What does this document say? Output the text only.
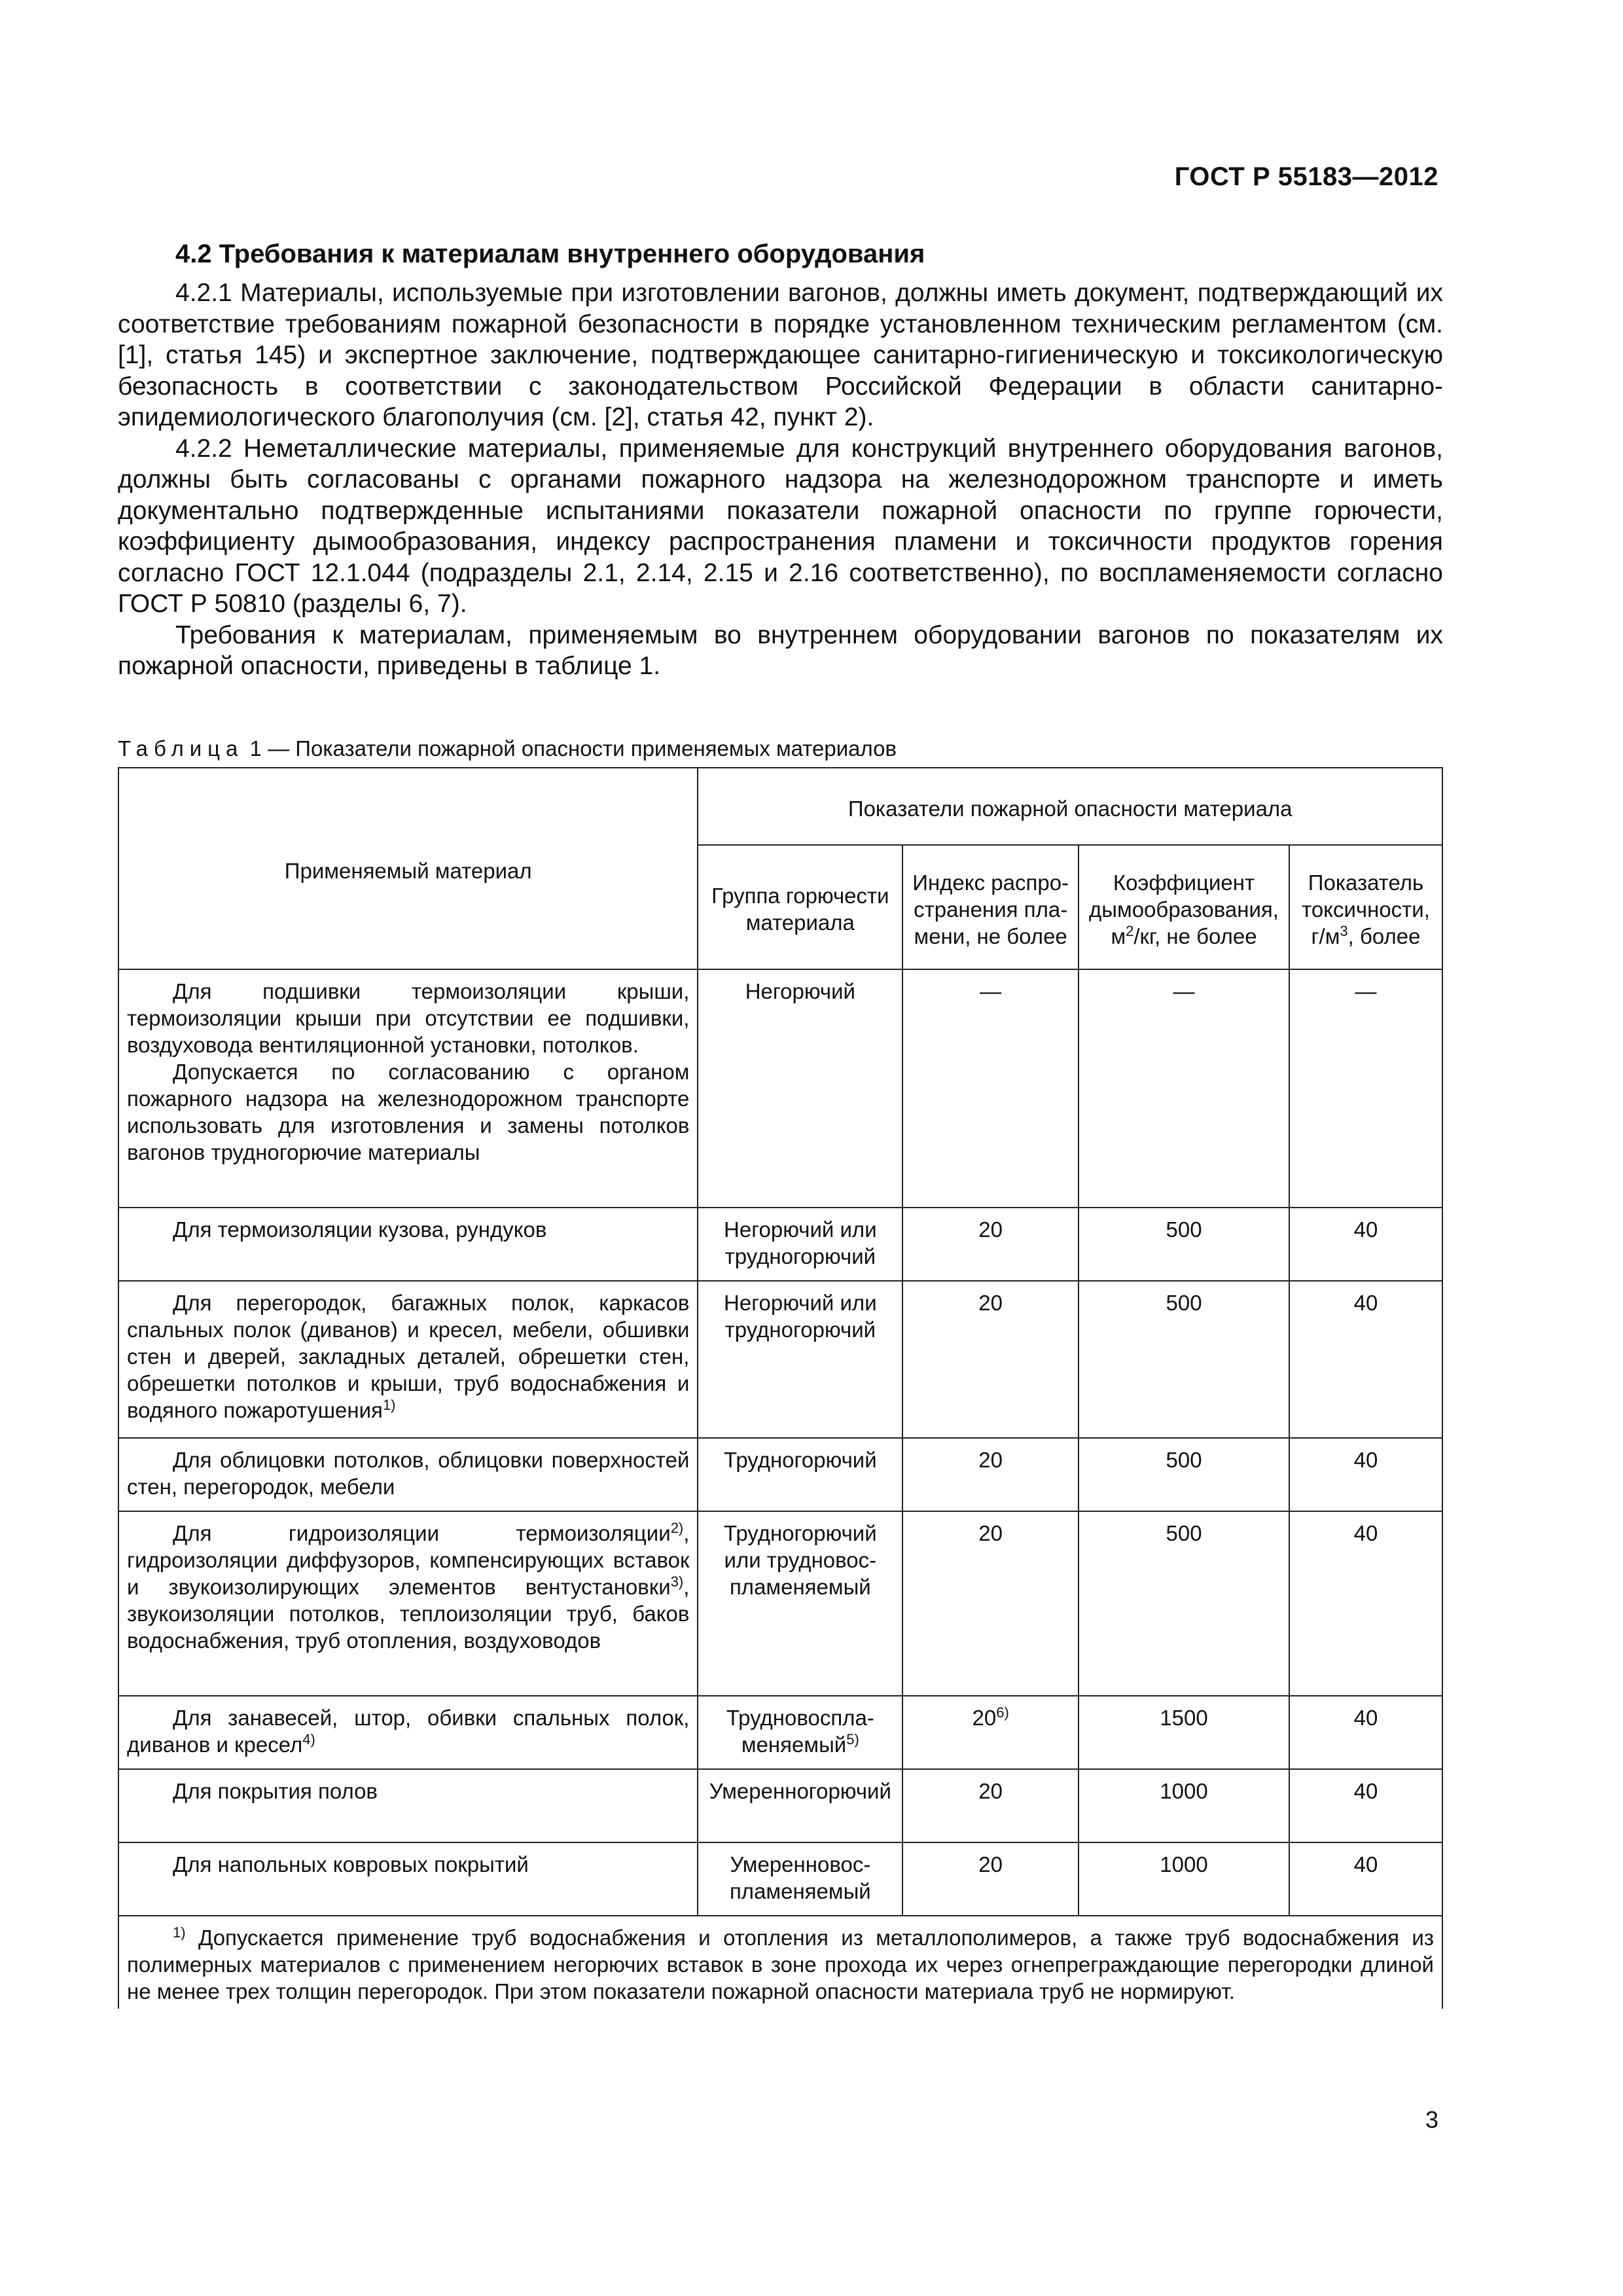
ГОСТ Р 55183—2012
4.2 Требования к материалам внутреннего оборудования

4.2.1 Материалы, используемые при изготовлении вагонов, должны иметь документ, подтверждающий их соответствие требованиям пожарной безопасности в порядке установленном техническим регламентом (см. [1], статья 145) и экспертное заключение, подтверждающее санитарно-гигиеническую и токсикологическую безопасность в соответствии с законодательством Российской Федерации в области санитарно-эпидемиологического благополучия (см. [2], статья 42, пункт 2).

4.2.2 Неметаллические материалы, применяемые для конструкций внутреннего оборудования вагонов, должны быть согласованы с органами пожарного надзора на железнодорожном транспорте и иметь документально подтвержденные испытаниями показатели пожарной опасности по группе горючести, коэффициенту дымообразования, индексу распространения пламени и токсичности продуктов горения согласно ГОСТ 12.1.044 (подразделы 2.1, 2.14, 2.15 и 2.16 соответственно), по воспламеняемости согласно ГОСТ Р 50810 (разделы 6, 7).

Требования к материалам, применяемым во внутреннем оборудовании вагонов по показателям их пожарной опасности, приведены в таблице 1.

Таблица 1 — Показатели пожарной опасности применяемых материалов
Применяемый материал	Показатели пожарной опасности материала			
	Группа горючести материала	Индекс распространения пламени, не более	Коэффициент дымообразования, $м^2/кг$, не более	Показатель токсичности, $г/м^3$, более

Для подшивки термоизоляции крыши, термоизоляции крыши при отсутствии ее подшивки, воздуховода вентиляционной установки, потолков.

Допускается по согласованию с органом пожарного надзора на железнодорожном транспорте использовать для изготовления и замены потолков вагонов трудногорючие материалы	Негорючий	—	—	—

Для термоизоляции кузова, рундуков	Негорючий или трудногорючий	20	500	40

Для перегородок, багажных полок, каркасов спальных полок (диванов) и кресел, мебели, обшивки стен и дверей, закладных деталей, обрешетки стен, обрешетки потолков и крыши, труб водоснабжения и водяного пожаротушения$^{1)}$	Негорючий или трудногорючий	20	500	40

Для облицовки потолков, облицовки поверхностей стен, перегородок, мебели	Трудногорючий	20	500	40

Для гидроизоляции термоизоляции$^{2)}$, гидроизоляции диффузоров, компенсирующих вставок и звукоизолирующих элементов вентустановки$^{3)}$, звукоизоляции потолков, теплоизоляции труб, баков водоснабжения, труб отопления, воздуховодов	Трудногорючий или трудновоспламеняемый	20	500	40

Для занавесей, штор, обивки спальных полок, диванов и кресел$^{4)}$	Трудновоспламеняемый$^{5)}$	20$^{6)}$	1500	40

Для покрытия полов	Умеренногорючий	20	1000	40

Для напольных ковровых покрытий	Умеренновоспламеняемый	20	1000	40

$^{1)}$ Допускается применение труб водоснабжения и отопления из металлополимеров, а также труб водоснабжения из полимерных материалов с применением негорючих вставок в зоне прохода их через огнепреграждающие перегородки длиной не менее трех толщин перегородок. При этом показатели пожарной опасности материала труб не нормируют.				

3
